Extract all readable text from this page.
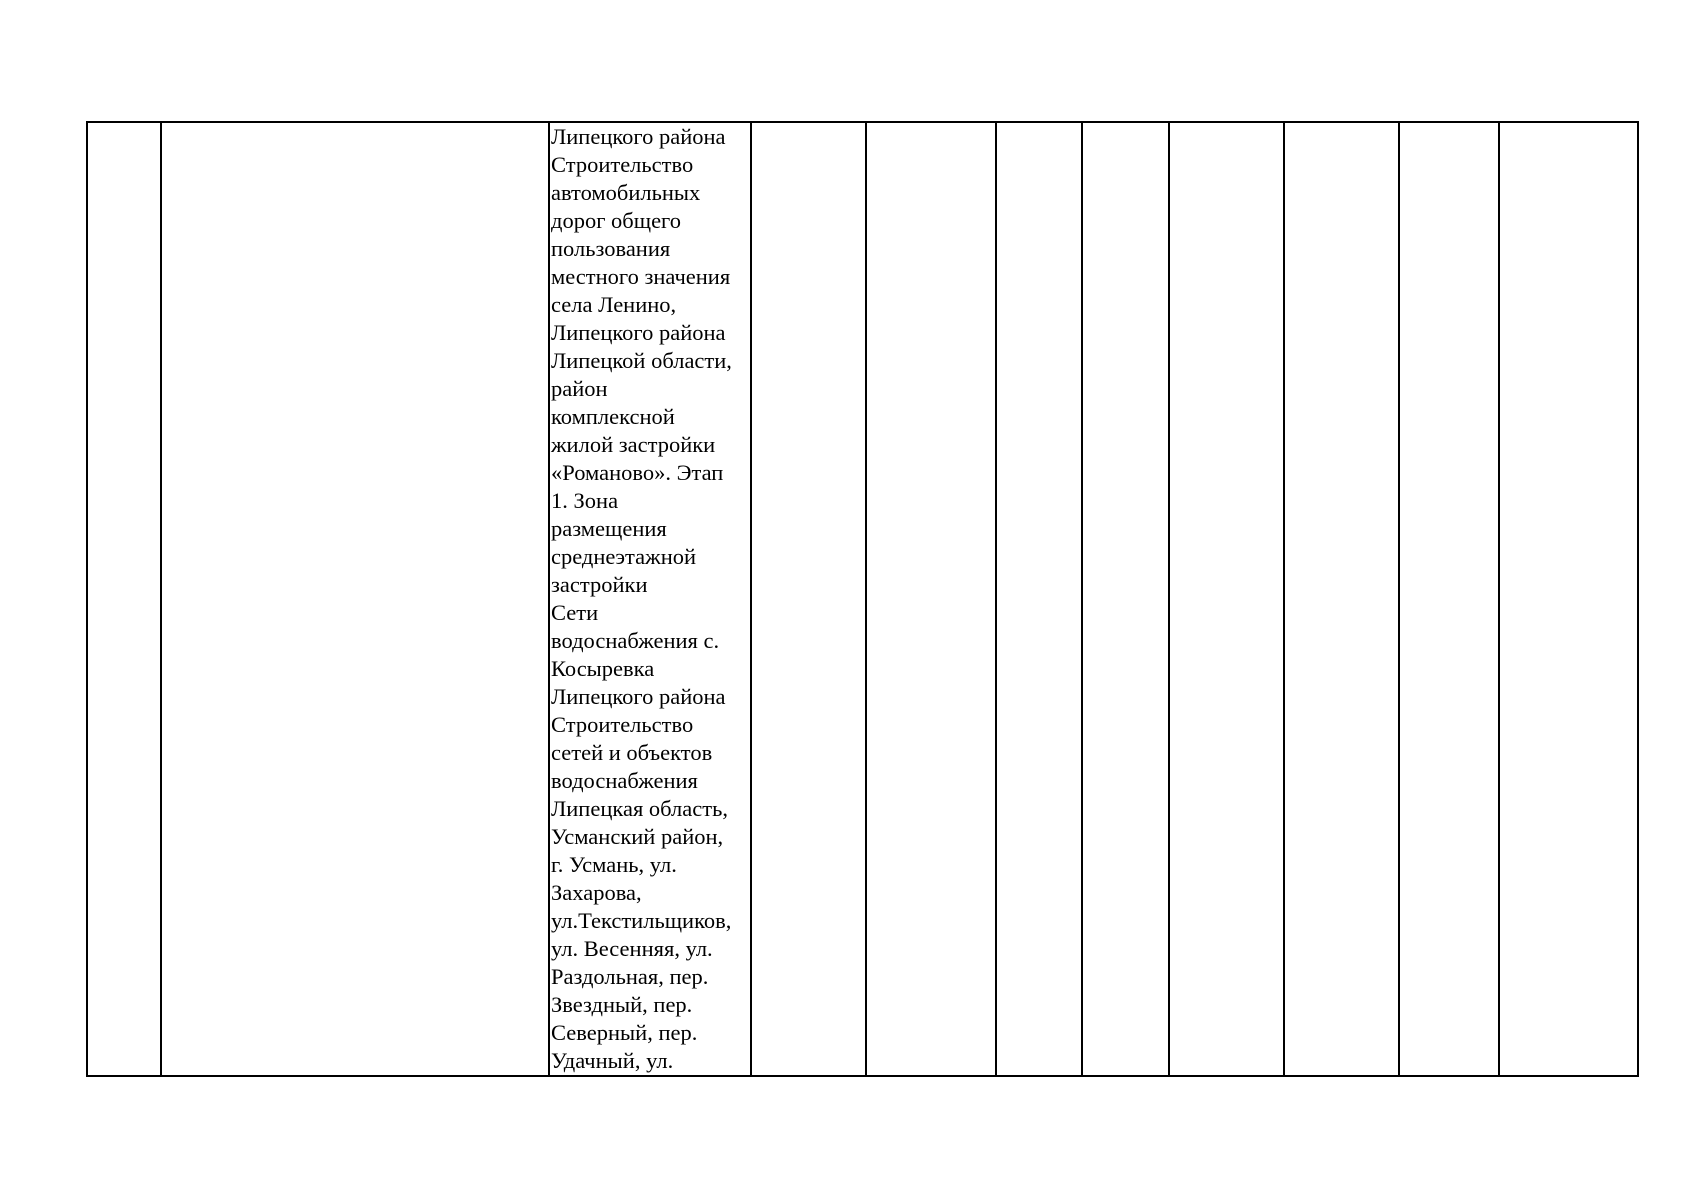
Липецкого района
Строительство
автомобильных
дорог общего
пользования
местного значения
села Ленино,
Липецкого района
Липецкой области,
район
комплексной
жилой застройки
«Романово». Этап
1. Зона
размещения
среднеэтажной
застройки
Сети
водоснабжения с.
Косыревка
Липецкого района
Строительство
сетей и объектов
водоснабжения
Липецкая область,
Усманский район,
г. Усмань, ул.
Захарова,
ул.Текстильщиков,
ул. Весенняя, ул.
Раздольная, пер.
Звездный, пер.
Северный, пер.
Удачный, ул.
